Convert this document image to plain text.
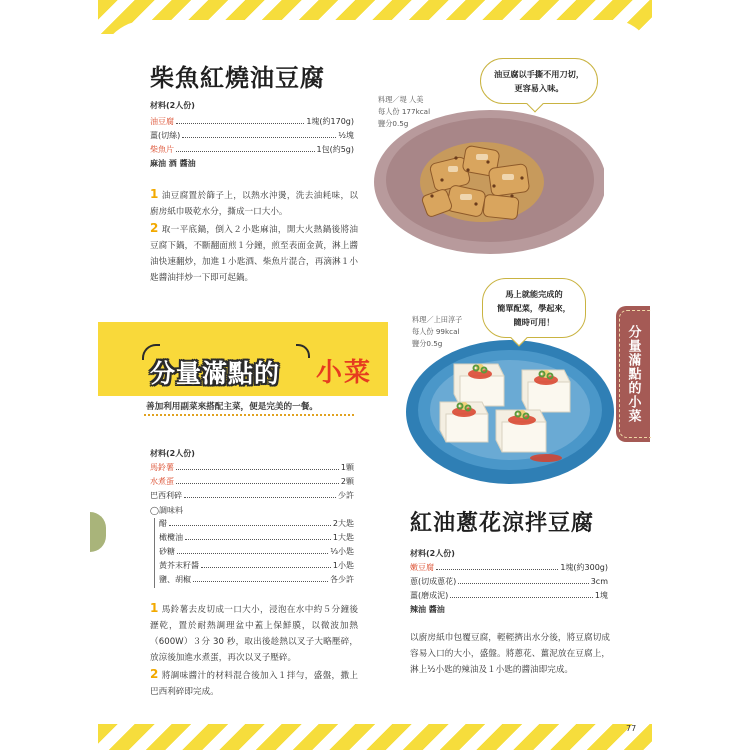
分量滿點的小菜
柴魚紅燒油豆腐
材料(2人份)
油豆腐	1塊(約170g)
薑(切絲)	½塊
柴魚片	1包(約5g)
麻油 酒 醬油

1 油豆腐置於篩子上，以熱水沖燙，洗去油耗味，以廚房紙巾吸乾水分，撕成一口大小。

2 取一平底鍋，倒入２小匙麻油，開大火熱鍋後將油豆腐下鍋，不斷翻面煎１分鐘，煎至表面金黃，淋上醬油快速翻炒，加進１小匙酒、柴魚片混合，再滴淋１小匙醬油拌炒一下即可起鍋。

料理／堤 人美
每人份 177kcal
鹽分0.5g
油豆腐以手撕不用刀切，
更容易入味。
分量滿點的 小菜
善加利用副菜來搭配主菜，便是完美的一餐。
材料(2人份)
馬鈴薯	1顆
水煮蛋	2顆
巴西利碎	少許
◯調味料
醋	2大匙
橄欖油	1大匙
砂糖	⅓小匙
黃芥末籽醬	1小匙
鹽、胡椒	各少許

1 馬鈴薯去皮切成一口大小，浸泡在水中約５分鐘後瀝乾，置於耐熱調理盆中蓋上保鮮膜，以微波加熱（600W）３分 30 秒，取出後趁熱以叉子大略壓碎，放涼後加進水煮蛋，再次以叉子壓碎。

2 將調味醬汁的材料混合後加入１拌勻，盛盤，撒上巴西利碎即完成。

料理／上田淳子
每人份 99kcal
鹽分0.5g
馬上就能完成的
簡單配菜，學起來，
隨時可用！
紅油蔥花涼拌豆腐
材料(2人份)
嫩豆腐	1塊(約300g)
蔥(切成蔥花)	3cm
薑(磨成泥)	1塊
辣油 醬油

以廚房紙巾包覆豆腐，輕輕擠出水分後，將豆腐切成容易入口的大小，盛盤。將蔥花、薑泥放在豆腐上，淋上½小匙的辣油及１小匙的醬油即完成。

77
